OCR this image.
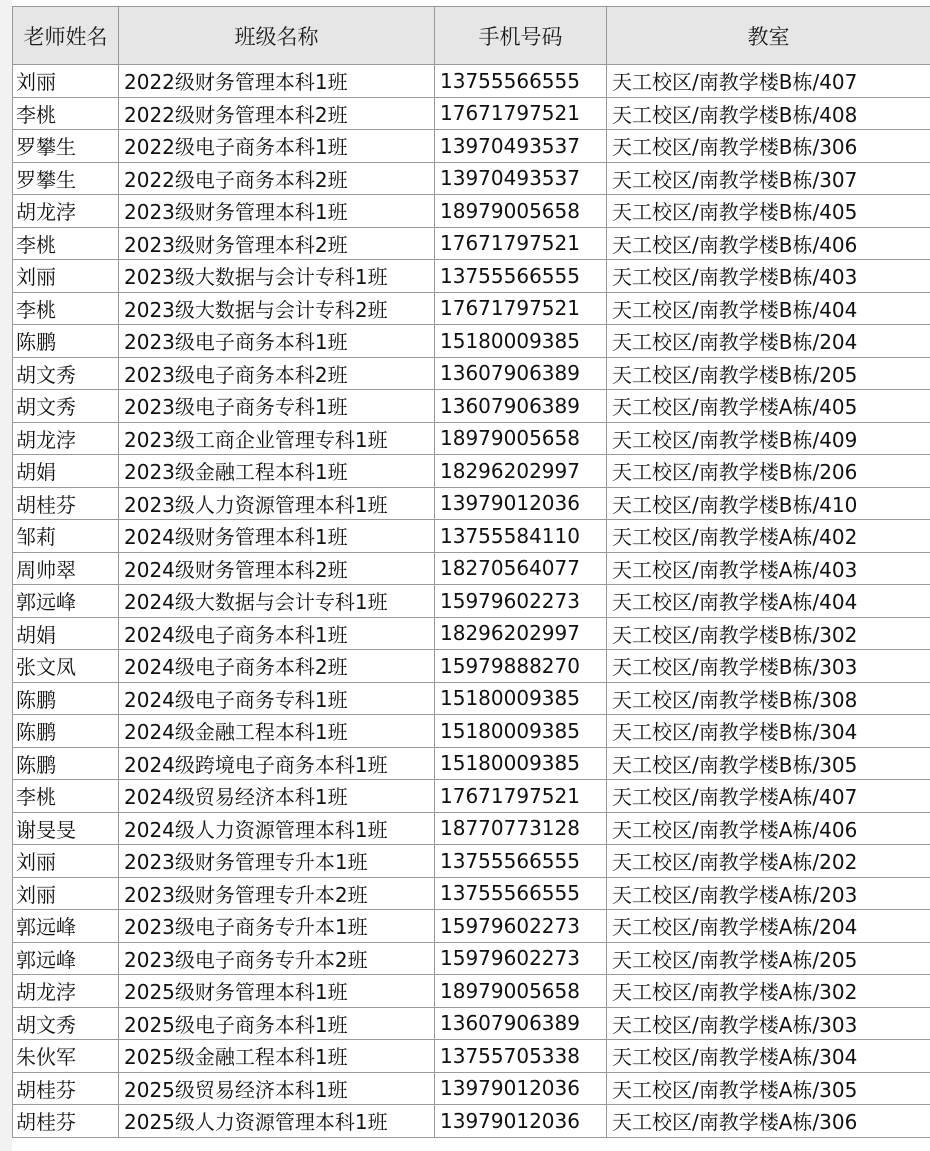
老师姓名	班级名称	手机号码	教室
刘丽	2022级财务管理本科1班	13755566555	天工校区/南教学楼B栋/407
李桃	2022级财务管理本科2班	17671797521	天工校区/南教学楼B栋/408
罗攀生	2022级电子商务本科1班	13970493537	天工校区/南教学楼B栋/306
罗攀生	2022级电子商务本科2班	13970493537	天工校区/南教学楼B栋/307
胡龙浡	2023级财务管理本科1班	18979005658	天工校区/南教学楼B栋/405
李桃	2023级财务管理本科2班	17671797521	天工校区/南教学楼B栋/406
刘丽	2023级大数据与会计专科1班	13755566555	天工校区/南教学楼B栋/403
李桃	2023级大数据与会计专科2班	17671797521	天工校区/南教学楼B栋/404
陈鹏	2023级电子商务本科1班	15180009385	天工校区/南教学楼B栋/204
胡文秀	2023级电子商务本科2班	13607906389	天工校区/南教学楼B栋/205
胡文秀	2023级电子商务专科1班	13607906389	天工校区/南教学楼A栋/405
胡龙浡	2023级工商企业管理专科1班	18979005658	天工校区/南教学楼B栋/409
胡娟	2023级金融工程本科1班	18296202997	天工校区/南教学楼B栋/206
胡桂芬	2023级人力资源管理本科1班	13979012036	天工校区/南教学楼B栋/410
邹莉	2024级财务管理本科1班	13755584110	天工校区/南教学楼A栋/402
周帅翠	2024级财务管理本科2班	18270564077	天工校区/南教学楼A栋/403
郭远峰	2024级大数据与会计专科1班	15979602273	天工校区/南教学楼A栋/404
胡娟	2024级电子商务本科1班	18296202997	天工校区/南教学楼B栋/302
张文凤	2024级电子商务本科2班	15979888270	天工校区/南教学楼B栋/303
陈鹏	2024级电子商务专科1班	15180009385	天工校区/南教学楼B栋/308
陈鹏	2024级金融工程本科1班	15180009385	天工校区/南教学楼B栋/304
陈鹏	2024级跨境电子商务本科1班	15180009385	天工校区/南教学楼B栋/305
李桃	2024级贸易经济本科1班	17671797521	天工校区/南教学楼A栋/407
谢旻旻	2024级人力资源管理本科1班	18770773128	天工校区/南教学楼A栋/406
刘丽	2023级财务管理专升本1班	13755566555	天工校区/南教学楼A栋/202
刘丽	2023级财务管理专升本2班	13755566555	天工校区/南教学楼A栋/203
郭远峰	2023级电子商务专升本1班	15979602273	天工校区/南教学楼A栋/204
郭远峰	2023级电子商务专升本2班	15979602273	天工校区/南教学楼A栋/205
胡龙浡	2025级财务管理本科1班	18979005658	天工校区/南教学楼A栋/302
胡文秀	2025级电子商务本科1班	13607906389	天工校区/南教学楼A栋/303
朱伙军	2025级金融工程本科1班	13755705338	天工校区/南教学楼A栋/304
胡桂芬	2025级贸易经济本科1班	13979012036	天工校区/南教学楼A栋/305
胡桂芬	2025级人力资源管理本科1班	13979012036	天工校区/南教学楼A栋/306
